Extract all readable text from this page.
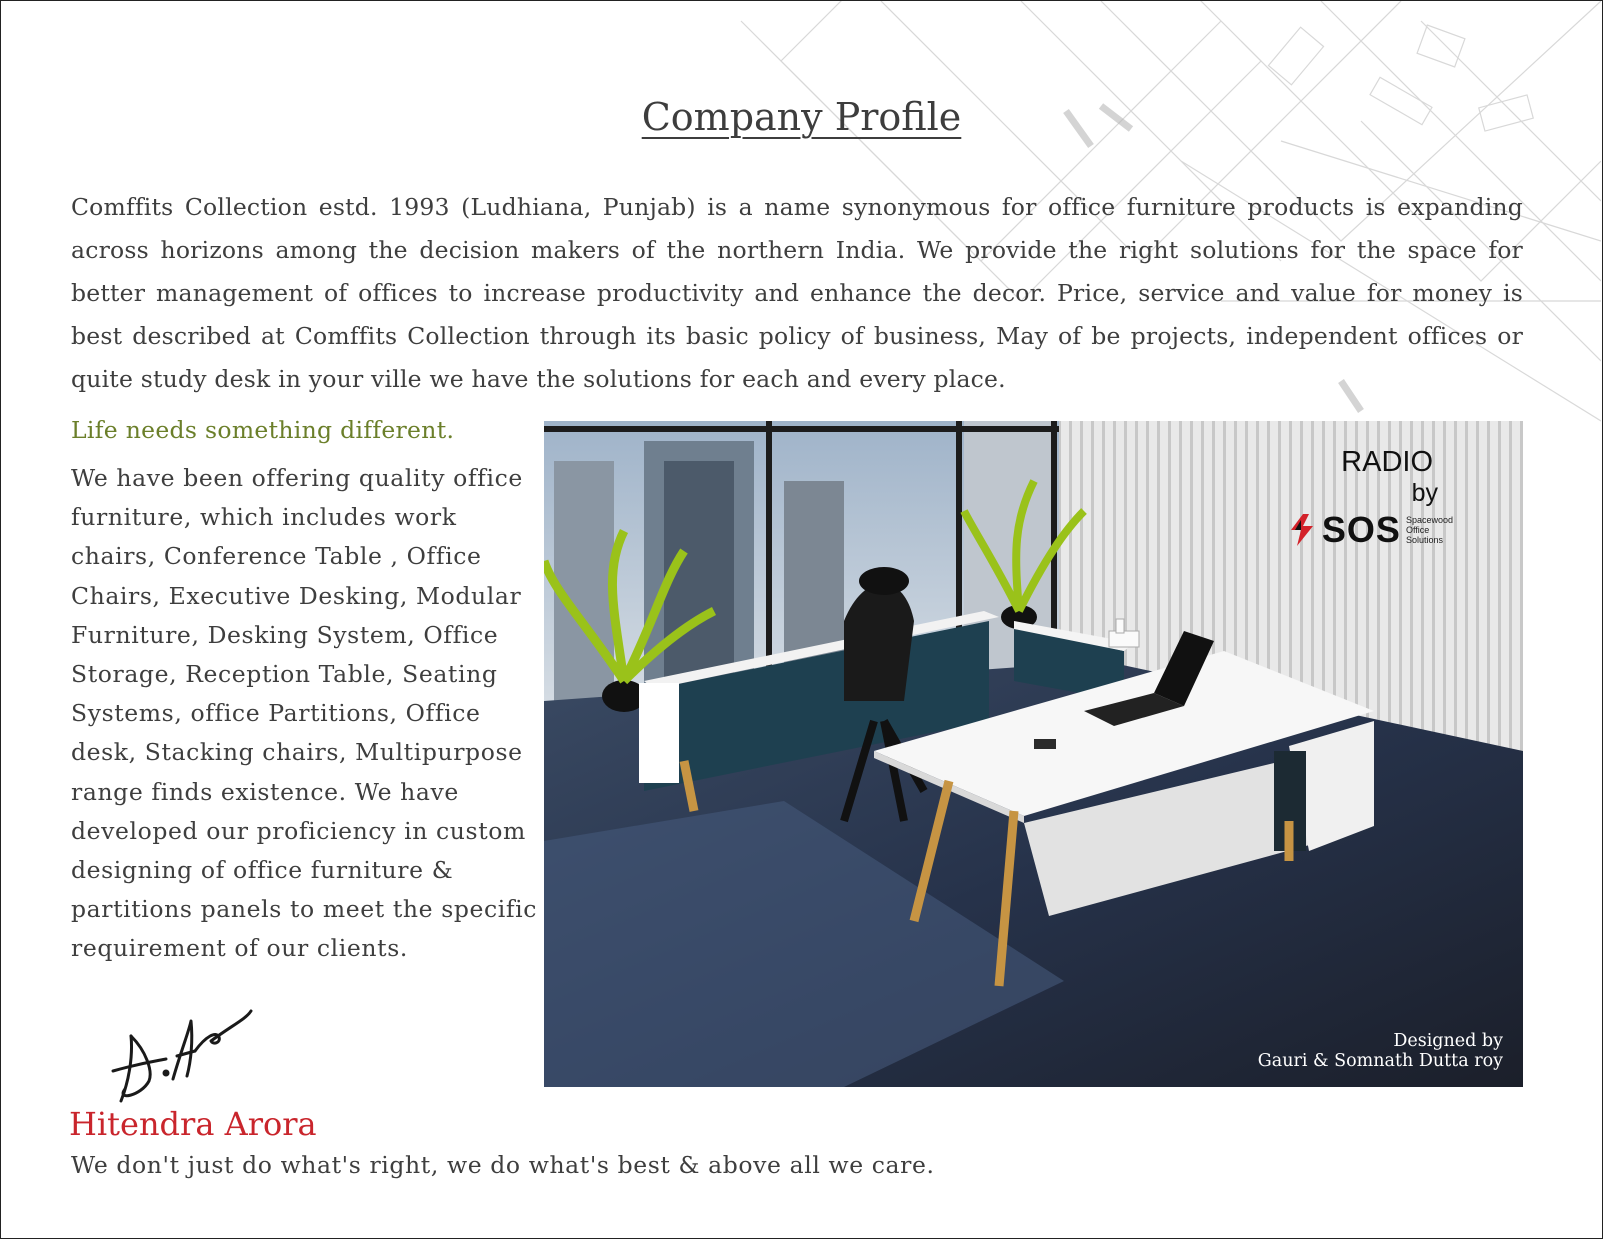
Company Profile

Comffits Collection estd. 1993 (Ludhiana, Punjab) is a name synonymous for office furniture products is expanding across horizons among the decision makers of the northern India. We provide the right solutions for the space for better management of offices to increase productivity and enhance the decor. Price, service and value for money is best described at Comffits Collection through its basic policy of business, May of be projects, independent offices or quite study desk in your ville we have the solutions for each and every place.

Life needs something different.

We have been offering quality office furniture, which includes work chairs, Conference Table , Office Chairs, Executive Desking, Modular Furniture, Desking System, Office Storage, Reception Table, Seating Systems, office Partitions, Office desk, Stacking chairs, Multipurpose range finds existence. We have developed our proficiency in custom designing of office furniture & partitions panels to meet the specific requirement of our clients.

RADIO
by
SOS Spacewood
Office
Solutions
Designed by
Gauri & Somnath Dutta roy

Hitendra Arora

We don't just do what's right, we do what's best & above all we care.
